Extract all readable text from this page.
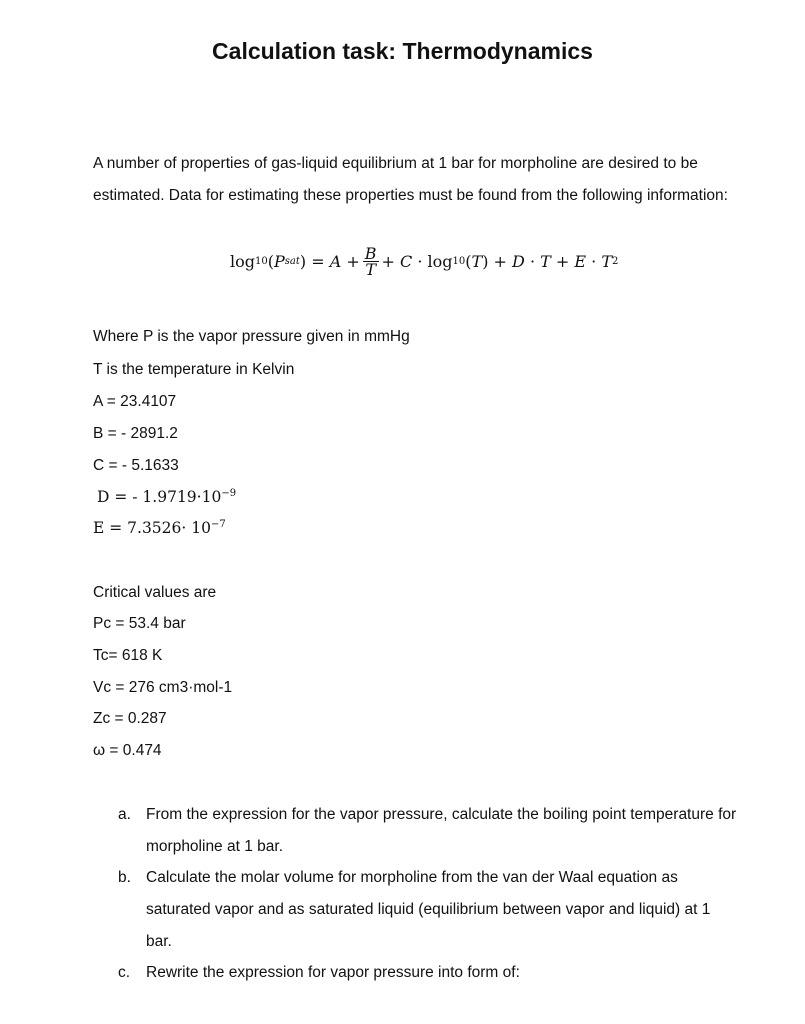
Calculation task: Thermodynamics

A number of properties of gas-liquid equilibrium at 1 bar for morpholine are desired to be estimated. Data for estimating these properties must be found from the following information:

log 10 ( P sat ) =
$A + \frac{B}{T} + C \cdot \log 10$ ( T ) + D · T + E · T 2

Where P is the vapor pressure given in mmHg

T is the temperature in Kelvin

A = 23.4107

B = - 2891.2

C = - 5.1633

D = - $1.9719\cdot 10^{-9}$

$E = 7.3526\cdot 10^{-7}$

Critical values are

Pc = 53.4 bar

Tc= 618 K

Vc = 276 cm3·mol-1

Zc = 0.287

ω = 0.474

a. From the expression for the vapor pressure, calculate the boiling point temperature for morpholine at 1 bar.
b. Calculate the molar volume for morpholine from the van der Waal equation as saturated vapor and as saturated liquid (equilibrium between vapor and liquid) at 1 bar.
c. Rewrite the expression for vapor pressure into form of:
